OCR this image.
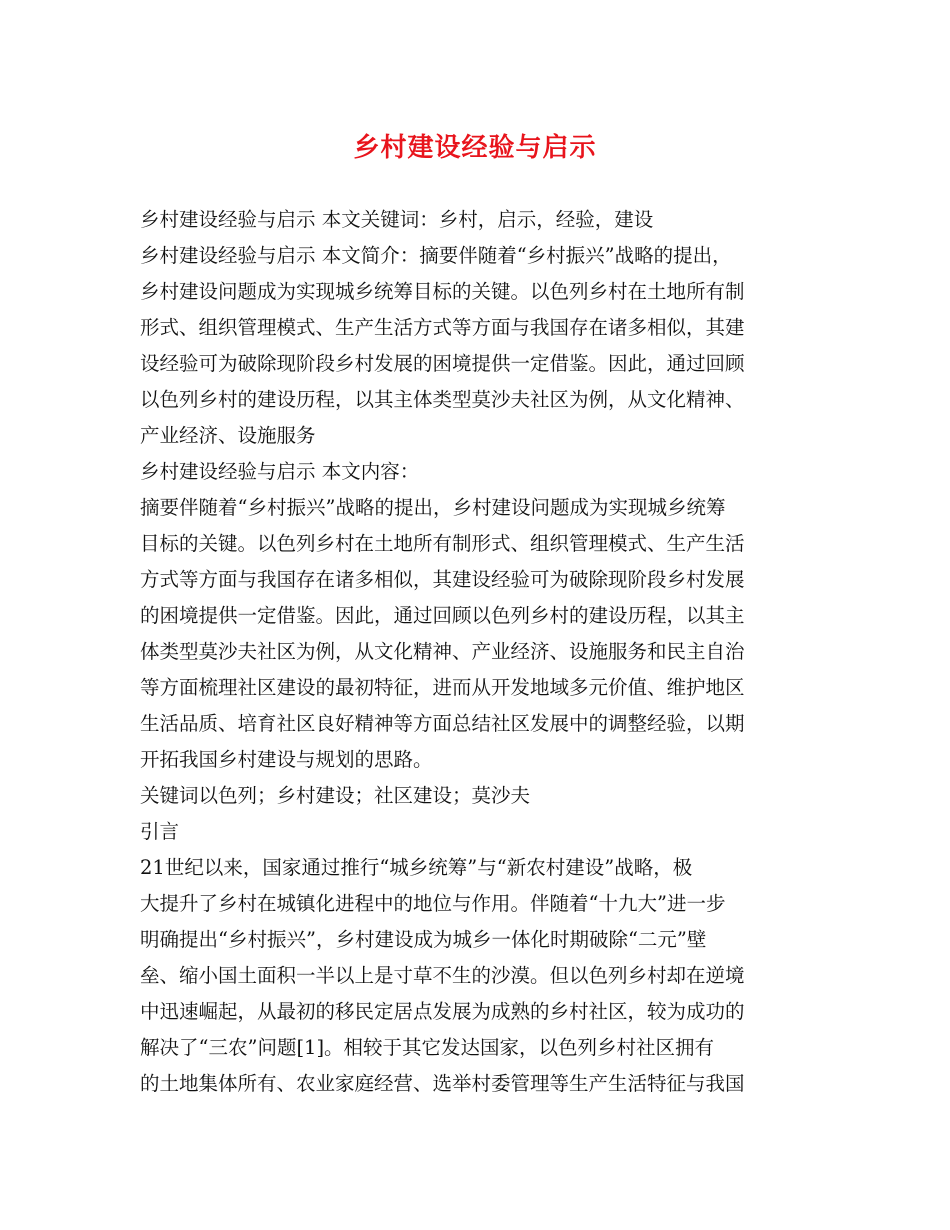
乡村建设经验与启示
乡村建设经验与启示 本文关键词：乡村，启示，经验，建设
乡村建设经验与启示 本文简介：摘要伴随着“乡村振兴”战略的提出，
乡村建设问题成为实现城乡统筹目标的关键。以色列乡村在土地所有制
形式、组织管理模式、生产生活方式等方面与我国存在诸多相似，其建
设经验可为破除现阶段乡村发展的困境提供一定借鉴。因此，通过回顾
以色列乡村的建设历程，以其主体类型莫沙夫社区为例，从文化精神、
产业经济、设施服务
乡村建设经验与启示 本文内容：
摘要伴随着“乡村振兴”战略的提出，乡村建设问题成为实现城乡统筹
目标的关键。以色列乡村在土地所有制形式、组织管理模式、生产生活
方式等方面与我国存在诸多相似，其建设经验可为破除现阶段乡村发展
的困境提供一定借鉴。因此，通过回顾以色列乡村的建设历程，以其主
体类型莫沙夫社区为例，从文化精神、产业经济、设施服务和民主自治
等方面梳理社区建设的最初特征，进而从开发地域多元价值、维护地区
生活品质、培育社区良好精神等方面总结社区发展中的调整经验，以期
开拓我国乡村建设与规划的思路。
关键词以色列；乡村建设；社区建设；莫沙夫
引言
21世纪以来，国家通过推行“城乡统筹”与“新农村建设”战略，极
大提升了乡村在城镇化进程中的地位与作用。伴随着“十九大”进一步
明确提出“乡村振兴”，乡村建设成为城乡一体化时期破除“二元”壁
垒、缩小国土面积一半以上是寸草不生的沙漠。但以色列乡村却在逆境
中迅速崛起，从最初的移民定居点发展为成熟的乡村社区，较为成功的
解决了“三农”问题[1]。相较于其它发达国家，以色列乡村社区拥有
的土地集体所有、农业家庭经营、选举村委管理等生产生活特征与我国
